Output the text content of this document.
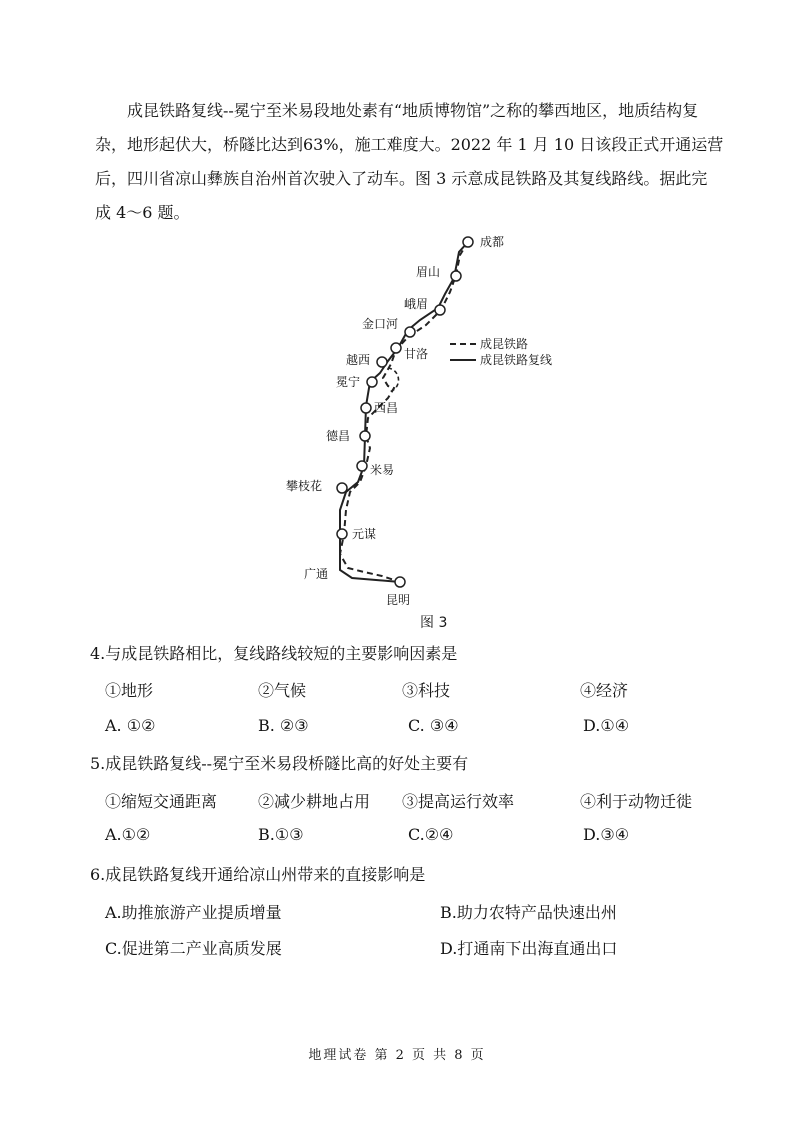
成昆铁路复线--冕宁至米易段地处素有“地质博物馆”之称的攀西地区，地质结构复
杂，地形起伏大，桥隧比达到63%，施工难度大。2022 年 1 月 10 日该段正式开通运营
后，四川省凉山彝族自治州首次驶入了动车。图 3 示意成昆铁路及其复线路线。据此完
成 4～6 题。
成都
眉山
峨眉
金口河
甘洛
越西
冕宁
西昌
德昌
米易
攀枝花
元谋
广通
昆明
成昆铁路
成昆铁路复线
图 3
4.与成昆铁路相比，复线路线较短的主要影响因素是
①地形	②气候	③科技	④经济
A. ①②	B. ②③	C. ③④	D.①④
5.成昆铁路复线--冕宁至米易段桥隧比高的好处主要有
①缩短交通距离	②减少耕地占用 ③提高运行效率	④利于动物迁徙
A.①②	B.①③	C.②④	D.③④
6.成昆铁路复线开通给凉山州带来的直接影响是
A.助推旅游产业提质增量	B.助力农特产品快速出州
C.促进第二产业高质发展	D.打通南下出海直通出口
地理试卷 第 2 页 共 8 页
